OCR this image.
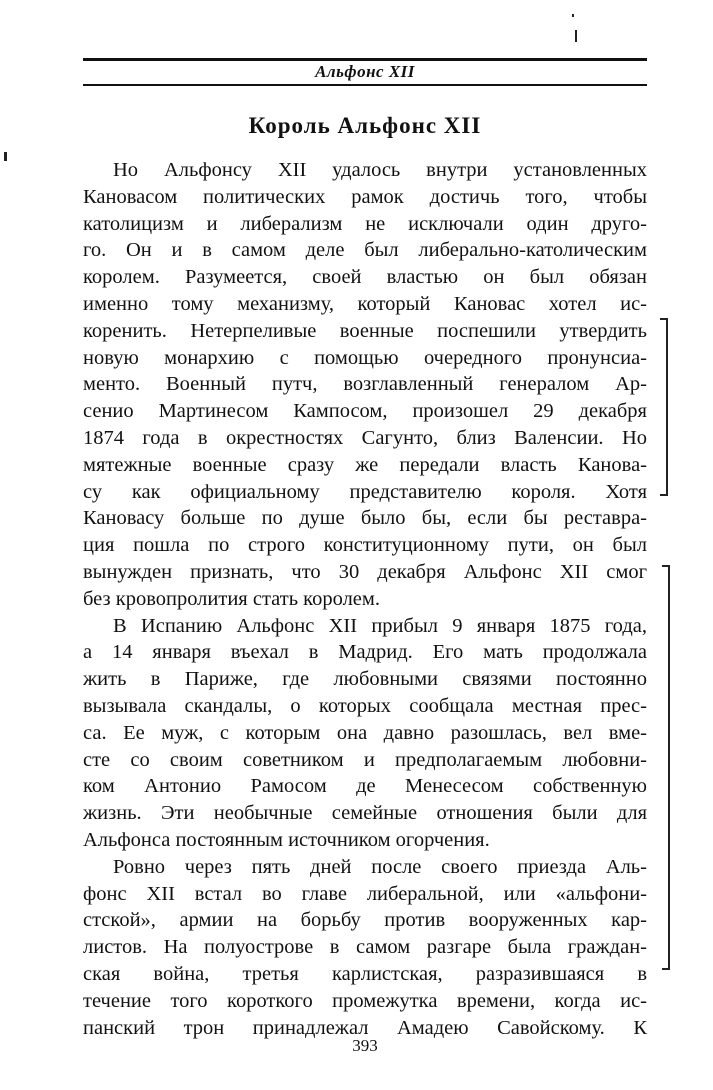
Альфонс XII
Король Альфонс XII
Но Альфонсу XII удалось внутри установленных
Кановасом политических рамок достичь того, чтобы
католицизм и либерализм не исключали один друго-
го. Он и в самом деле был либерально-католическим
королем. Разумеется, своей властью он был обязан
именно тому механизму, который Кановас хотел ис-
коренить. Нетерпеливые военные поспешили утвердить
новую монархию с помощью очередного пронунсиа-
менто. Военный путч, возглавленный генералом Ар-
сенио Мартинесом Кампосом, произошел 29 декабря
1874 года в окрестностях Сагунто, близ Валенсии. Но
мятежные военные сразу же передали власть Канова-
су как официальному представителю короля. Хотя
Кановасу больше по душе было бы, если бы реставра-
ция пошла по строго конституционному пути, он был
вынужден признать, что 30 декабря Альфонс XII смог
без кровопролития стать королем.
В Испанию Альфонс XII прибыл 9 января 1875 года,
а 14 января въехал в Мадрид. Его мать продолжала
жить в Париже, где любовными связями постоянно
вызывала скандалы, о которых сообщала местная прес-
са. Ее муж, с которым она давно разошлась, вел вме-
сте со своим советником и предполагаемым любовни-
ком Антонио Рамосом де Менесесом собственную
жизнь. Эти необычные семейные отношения были для
Альфонса постоянным источником огорчения.
Ровно через пять дней после своего приезда Аль-
фонс XII встал во главе либеральной, или «альфони-
стской», армии на борьбу против вооруженных кар-
листов. На полуострове в самом разгаре была граждан-
ская война, третья карлистская, разразившаяся в
течение того короткого промежутка времени, когда ис-
панский трон принадлежал Амадею Савойскому. К
393
